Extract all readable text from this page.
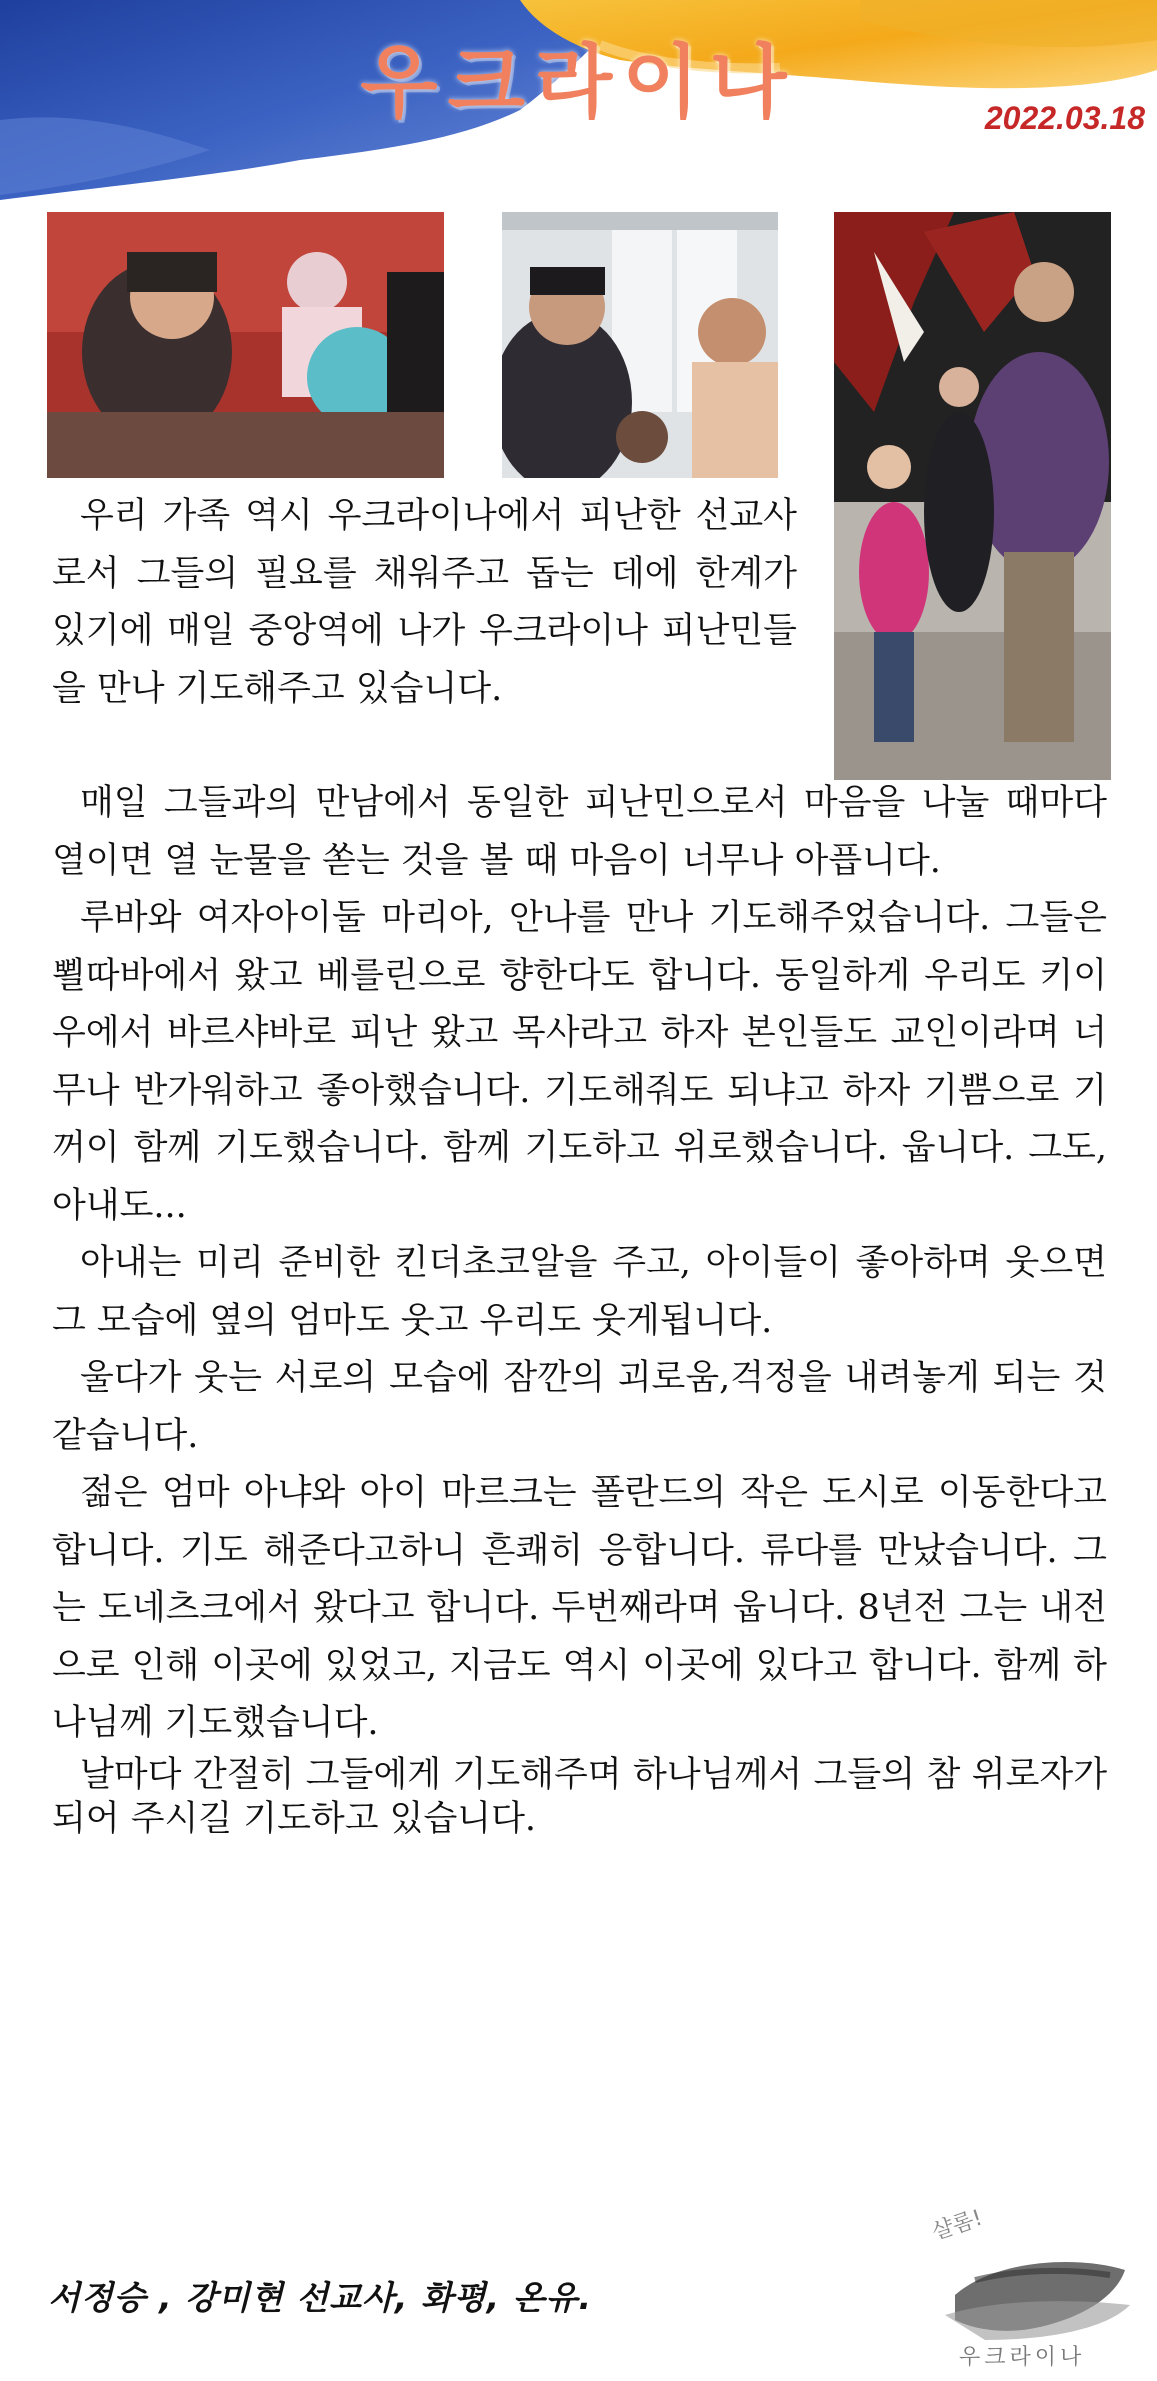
우크라이나	2022.03.18

우리 가족 역시 우크라이나에서 피난한 선교사로서 그들의 필요를 채워주고 돕는 데에 한계가 있기에 매일 중앙역에 나가 우크라이나 피난민들을 만나 기도해주고 있습니다.

매일 그들과의 만남에서 동일한 피난민으로서 마음을 나눌 때마다 열이면 열 눈물을 쏟는 것을 볼 때 마음이 너무나 아픕니다.

루바와 여자아이둘 마리아, 안나를 만나 기도해주었습니다. 그들은 뾜따바에서 왔고 베를린으로 향한다도 합니다. 동일하게 우리도 키이우에서 바르샤바로 피난 왔고 목사라고 하자 본인들도 교인이라며 너무나 반가워하고 좋아했습니다. 기도해줘도 되냐고 하자 기쁨으로 기꺼이 함께 기도했습니다. 함께 기도하고 위로했습니다. 웁니다. 그도, 아내도...

아내는 미리 준비한 킨더초코알을 주고, 아이들이 좋아하며 웃으면 그 모습에 옆의 엄마도 웃고 우리도 웃게됩니다.

울다가 웃는 서로의 모습에 잠깐의 괴로움,걱정을 내려놓게 되는 것 같습니다.

젊은 엄마 아냐와 아이 마르크는 폴란드의 작은 도시로 이동한다고 합니다. 기도 해준다고하니 흔쾌히 응합니다. 류다를 만났습니다. 그는 도네츠크에서 왔다고 합니다. 두번째라며 웁니다. 8년전 그는 내전으로 인해 이곳에 있었고, 지금도 역시 이곳에 있다고 합니다. 함께 하나님께 기도했습니다.

날마다 간절히 그들에게 기도해주며 하나님께서 그들의 참 위로자가 되어 주시길 기도하고 있습니다.

서정승 , 강미현 선교사, 화평, 온유.
샬롬!
우크라이나
